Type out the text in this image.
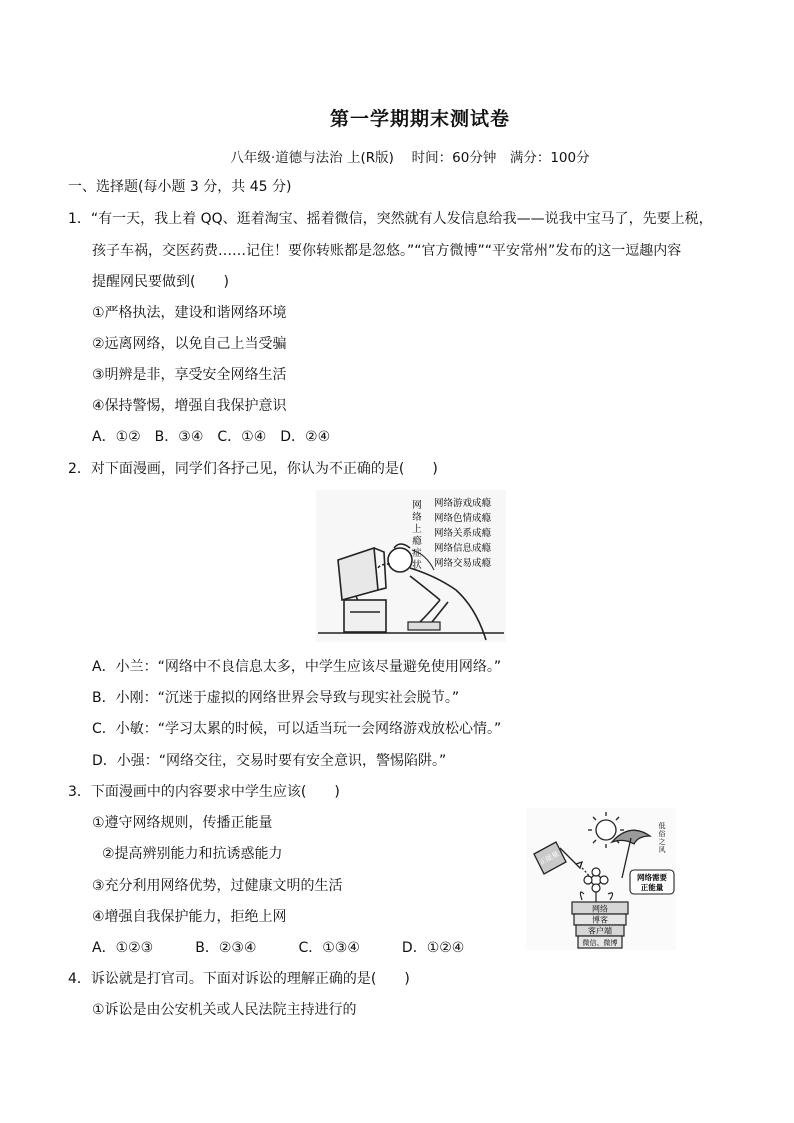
第一学期期末测试卷
八年级·道德与法治 上(R版)　 时间：60分钟　满分：100分
一、选择题(每小题 3 分，共 45 分)
1．“有一天，我上着 QQ、逛着淘宝、摇着微信，突然就有人发信息给我——说我中宝马了，先要上税，
孩子车祸，交医药费……记住！要你转账都是忽悠。”“官方微博”“平安常州”发布的这一逗趣内容
提醒网民要做到(　　)
①严格执法，建设和谐网络环境
②远离网络，以免自己上当受骗
③明辨是非，享受安全网络生活
④保持警惕，增强自我保护意识
A．①②　B．③④　C．①④　D．②④
2．对下面漫画，同学们各抒己见，你认为不正确的是(　　)
网
络
上
瘾
症
状
网络游戏成瘾
网络色情成瘾
网络关系成瘾
网络信息成瘾
网络交易成瘾
A．小兰：“网络中不良信息太多，中学生应该尽量避免使用网络。”
B．小刚：“沉迷于虚拟的网络世界会导致与现实社会脱节。”
C．小敏：“学习太累的时候，可以适当玩一会网络游戏放松心情。”
D．小强：“网络交往，交易时要有安全意识，警惕陷阱。”
3．下面漫画中的内容要求中学生应该(　　)
①遵守网络规则，传播正能量
②提高辨别能力和抗诱惑能力
③充分利用网络优势，过健康文明的生活
④增强自我保护能力，拒绝上网
A．①②③　　　B．②③④　　　C．①③④　　　D．①②④
正能量
低
俗
之
风
网络需要
正能量
网络
博客
客户端
微信、微博
4．诉讼就是打官司。下面对诉讼的理解正确的是(　　)
①诉讼是由公安机关或人民法院主持进行的
